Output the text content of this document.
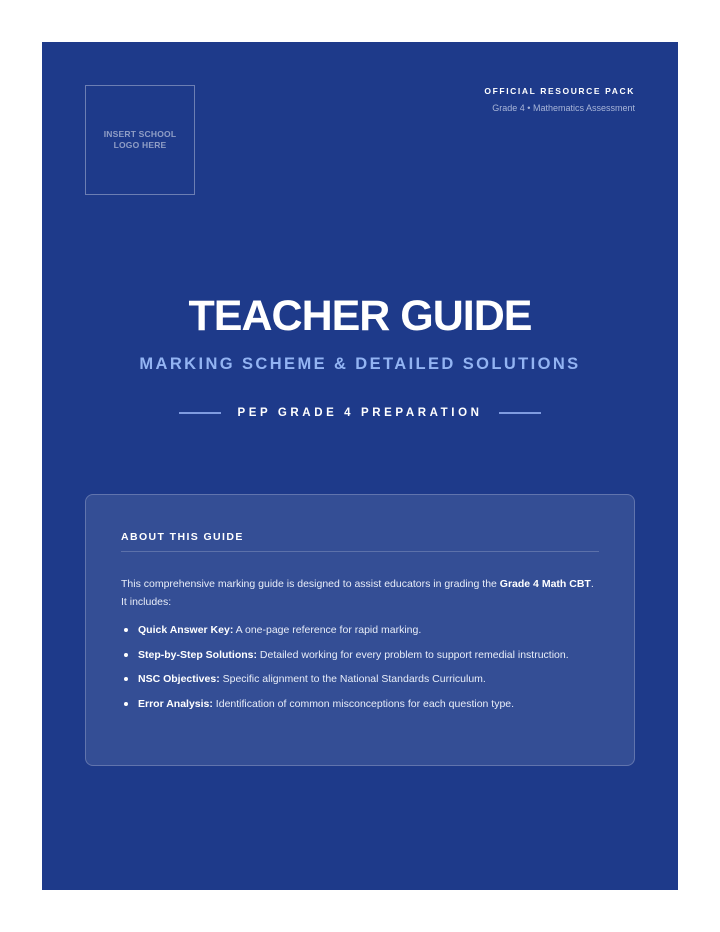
INSERT SCHOOL
LOGO HERE
OFFICIAL RESOURCE PACK
Grade 4 • Mathematics Assessment
TEACHER GUIDE
MARKING SCHEME & DETAILED SOLUTIONS
PEP GRADE 4 PREPARATION
ABOUT THIS GUIDE
This comprehensive marking guide is designed to assist educators in grading the Grade 4 Math CBT. It includes:
Quick Answer Key: A one-page reference for rapid marking.
Step-by-Step Solutions: Detailed working for every problem to support remedial instruction.
NSC Objectives: Specific alignment to the National Standards Curriculum.
Error Analysis: Identification of common misconceptions for each question type.
